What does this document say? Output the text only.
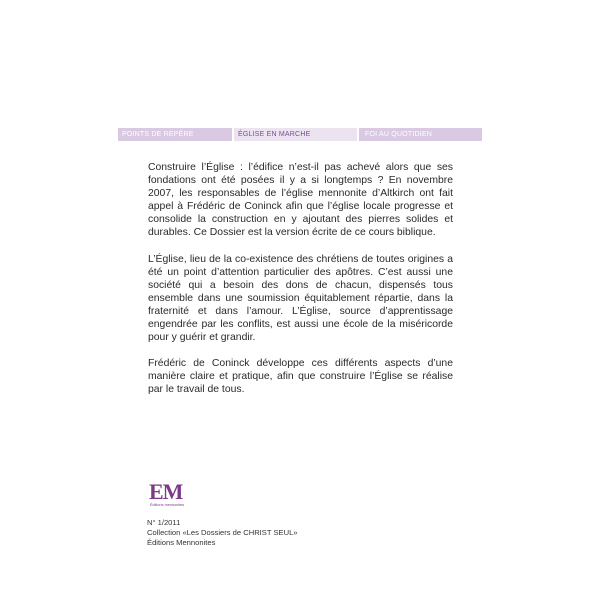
POINTS DE REPÈRE	ÉGLISE EN MARCHE	FOI AU QUOTIDIEN

Construire l’Église : l’édifice n’est-il pas achevé alors que ses fondations ont été posées il y a si longtemps ? En novembre 2007, les responsables de l’église mennonite d’Altkirch ont fait appel à Frédéric de Coninck afin que l’église locale progresse et consolide la construction en y ajoutant des pierres solides et durables. Ce Dossier est la version écrite de ce cours biblique.

L’Église, lieu de la co-existence des chrétiens de toutes origines a été un point d’attention particulier des apôtres. C’est aussi une société qui a besoin des dons de chacun, dispensés tous ensemble dans une soumission équitablement répartie, dans la fraternité et dans l’amour. L’Église, source d’apprentissage engendrée par les conflits, est aussi une école de la miséricorde pour y guérir et grandir.

Frédéric de Coninck développe ces différents aspects d’une manière claire et pratique, afin que construire l’Église se réalise par le travail de tous.

EM
Éditions mennonites
N° 1/2011
Collection «Les Dossiers de CHRIST SEUL»
Éditions Mennonites
